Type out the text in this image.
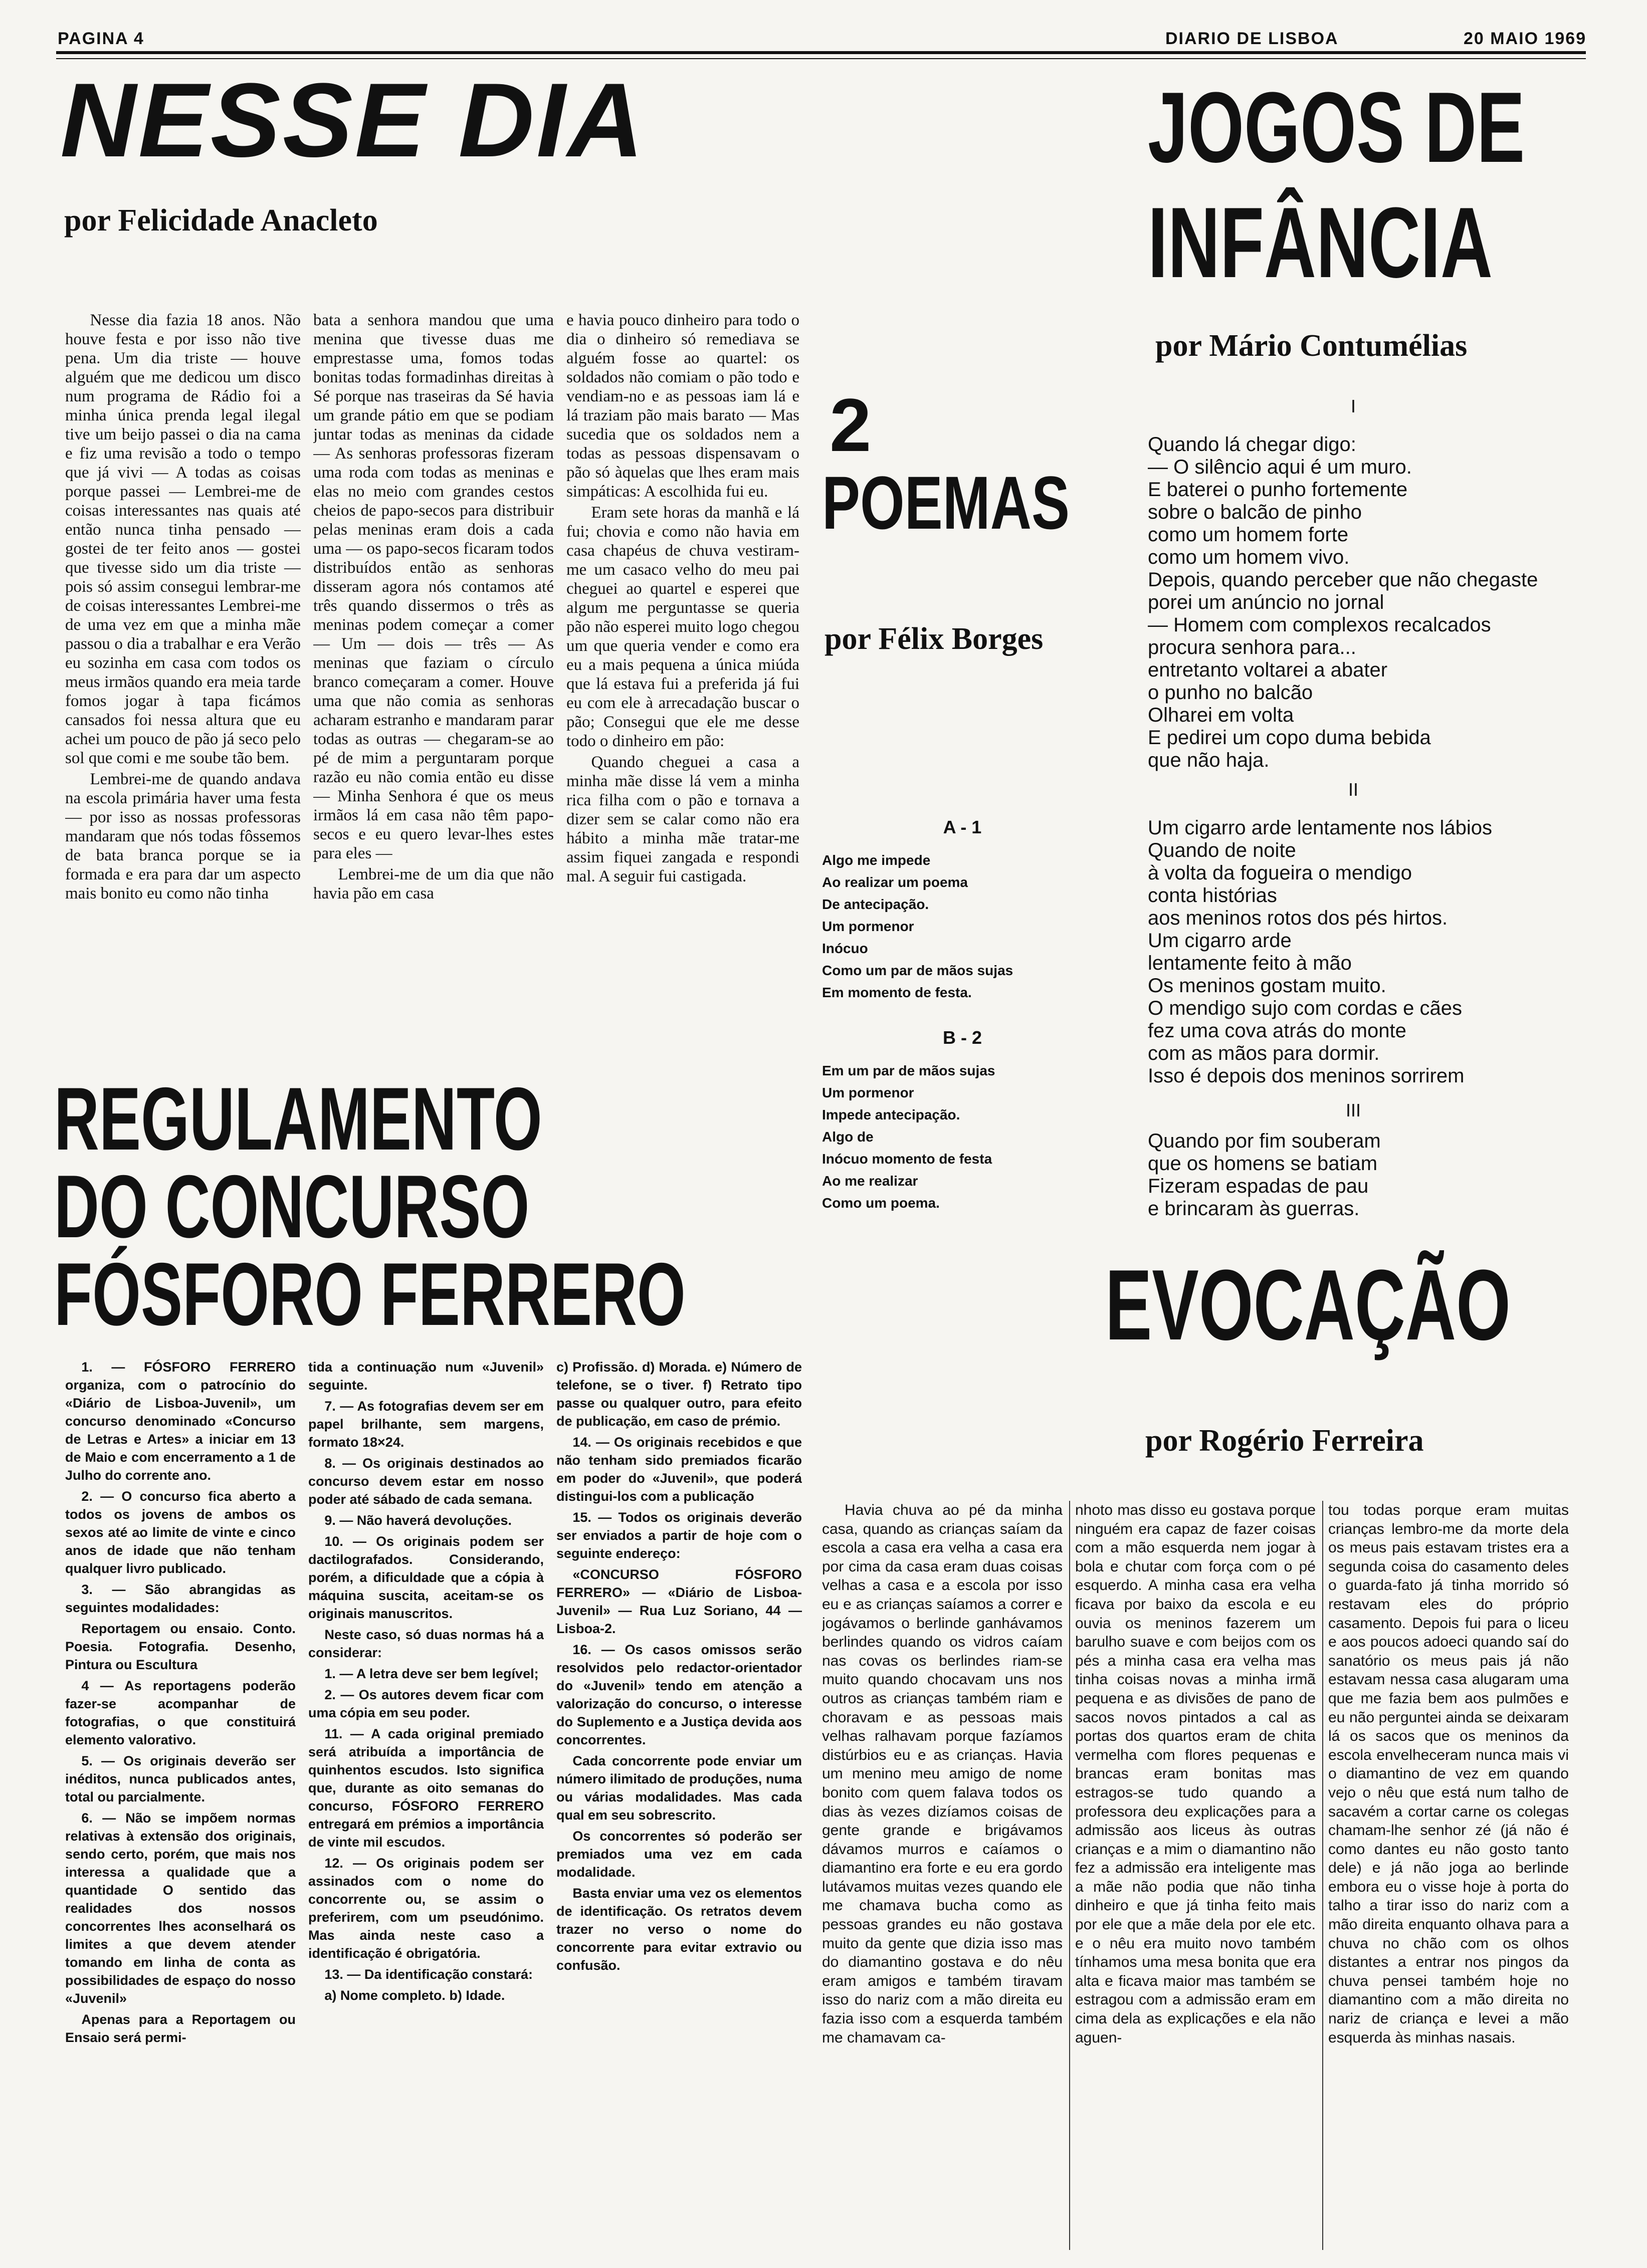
PAGINA 4	DIARIO DE LISBOA	20 MAIO 1969
NESSE DIA
por Felicidade Anacleto

Nesse dia fazia 18 anos. Não houve festa e por isso não tive pena. Um dia triste — houve alguém que me dedicou um disco num programa de Rádio foi a minha única prenda legal ilegal tive um beijo passei o dia na cama e fiz uma revisão a todo o tempo que já vivi — A todas as coisas porque passei — Lembrei-me de coisas interessantes nas quais até então nunca tinha pensado — gostei de ter feito anos — gostei que tivesse sido um dia triste — pois só assim consegui lembrar-me de coisas interessantes Lembrei-me de uma vez em que a minha mãe passou o dia a trabalhar e era Verão eu sozinha em casa com todos os meus irmãos quando era meia tarde fomos jogar à tapa ficámos cansados foi nessa altura que eu achei um pouco de pão já seco pelo sol que comi e me soube tão bem.

Lembrei-me de quando andava na escola primária haver uma festa — por isso as nossas professoras mandaram que nós todas fôssemos de bata branca porque se ia formada e era para dar um aspecto mais bonito eu como não tinha

bata a senhora mandou que uma menina que tivesse duas me emprestasse uma, fomos todas bonitas todas formadinhas direitas à Sé porque nas traseiras da Sé havia um grande pátio em que se podiam juntar todas as meninas da cidade — As senhoras professoras fizeram uma roda com todas as meninas e elas no meio com grandes cestos cheios de papo-secos para distribuir pelas meninas eram dois a cada uma — os papo-secos ficaram todos distribuídos então as senhoras disseram agora nós contamos até três quando dissermos o três as meninas podem começar a comer — Um — dois — três — As meninas que faziam o círculo branco começaram a comer. Houve uma que não comia as senhoras acharam estranho e mandaram parar todas as outras — chegaram-se ao pé de mim a perguntaram porque razão eu não comia então eu disse — Minha Senhora é que os meus irmãos lá em casa não têm papo-secos e eu quero levar-lhes estes para eles —

Lembrei-me de um dia que não havia pão em casa

e havia pouco dinheiro para todo o dia o dinheiro só remediava se alguém fosse ao quartel: os soldados não comiam o pão todo e vendiam-no e as pessoas iam lá e lá traziam pão mais barato — Mas sucedia que os soldados nem a todas as pessoas dispensavam o pão só àquelas que lhes eram mais simpáticas: A escolhida fui eu.

Eram sete horas da manhã e lá fui; chovia e como não havia em casa chapéus de chuva vestiram-me um casaco velho do meu pai cheguei ao quartel e esperei que algum me perguntasse se queria pão não esperei muito logo chegou um que queria vender e como era eu a mais pequena a única miúda que lá estava fui a preferida já fui eu com ele à arrecadação buscar o pão; Consegui que ele me desse todo o dinheiro em pão:

Quando cheguei a casa a minha mãe disse lá vem a minha rica filha com o pão e tornava a dizer sem se calar como não era hábito a minha mãe tratar-me assim fiquei zangada e respondi mal. A seguir fui castigada.

2
POEMAS
por Félix Borges
A - 1
Algo me impede
Ao realizar um poema
De antecipação.
Um pormenor
Inócuo
Como um par de mãos sujas
Em momento de festa.
B - 2
Em um par de mãos sujas
Um pormenor
Impede antecipação.
Algo de
Inócuo momento de festa
Ao me realizar
Como um poema.
JOGOS DE
INFÂNCIA
por Mário Contumélias
I
Quando lá chegar digo:
— O silêncio aqui é um muro.
E baterei o punho fortemente
sobre o balcão de pinho
como um homem forte
como um homem vivo.
Depois, quando perceber que não chegaste
porei um anúncio no jornal
— Homem com complexos recalcados
procura senhora para...
entretanto voltarei a abater
o punho no balcão
Olharei em volta
E pedirei um copo duma bebida
que não haja.
II
Um cigarro arde lentamente nos lábios
Quando de noite
à volta da fogueira o mendigo
conta histórias
aos meninos rotos dos pés hirtos.
Um cigarro arde
lentamente feito à mão
Os meninos gostam muito.
O mendigo sujo com cordas e cães
fez uma cova atrás do monte
com as mãos para dormir.
Isso é depois dos meninos sorrirem
III
Quando por fim souberam
que os homens se batiam
Fizeram espadas de pau
e brincaram às guerras.
REGULAMENTO
DO CONCURSO
FÓSFORO FERRERO

1. — FÓSFORO FERRERO organiza, com o patrocínio do «Diário de Lisboa-Juvenil», um concurso denominado «Concurso de Letras e Artes» a iniciar em 13 de Maio e com encerramento a 1 de Julho do corrente ano.

2. — O concurso fica aberto a todos os jovens de ambos os sexos até ao limite de vinte e cinco anos de idade que não tenham qualquer livro publicado.

3. — São abrangidas as seguintes modalidades:

Reportagem ou ensaio. Conto. Poesia. Fotografia. Desenho, Pintura ou Escultura

4 — As reportagens poderão fazer-se acompanhar de fotografias, o que constituirá elemento valorativo.

5. — Os originais deverão ser inéditos, nunca publicados antes, total ou parcialmente.

6. — Não se impõem normas relativas à extensão dos originais, sendo certo, porém, que mais nos interessa a qualidade que a quantidade O sentido das realidades dos nossos concorrentes lhes aconselhará os limites a que devem atender tomando em linha de conta as possibilidades de espaço do nosso «Juvenil»

Apenas para a Reportagem ou Ensaio será permi-

tida a continuação num «Juvenil» seguinte.

7. — As fotografias devem ser em papel brilhante, sem margens, formato 18×24.

8. — Os originais destinados ao concurso devem estar em nosso poder até sábado de cada semana.

9. — Não haverá devoluções.

10. — Os originais podem ser dactilografados. Considerando, porém, a dificuldade que a cópia à máquina suscita, aceitam-se os originais manuscritos.

Neste caso, só duas normas há a considerar:

1. — A letra deve ser bem legível;

2. — Os autores devem ficar com uma cópia em seu poder.

11. — A cada original premiado será atribuída a importância de quinhentos escudos. Isto significa que, durante as oito semanas do concurso, FÓSFORO FERRERO entregará em prémios a importância de vinte mil escudos.

12. — Os originais podem ser assinados com o nome do concorrente ou, se assim o preferirem, com um pseudónimo. Mas ainda neste caso a identificação é obrigatória.

13. — Da identificação constará:

a) Nome completo. b) Idade.

c) Profissão. d) Morada. e) Número de telefone, se o tiver. f) Retrato tipo passe ou qualquer outro, para efeito de publicação, em caso de prémio.

14. — Os originais recebidos e que não tenham sido premiados ficarão em poder do «Juvenil», que poderá distingui-los com a publicação

15. — Todos os originais deverão ser enviados a partir de hoje com o seguinte endereço:

«CONCURSO FÓSFORO FERRERO» — «Diário de Lisboa-Juvenil» — Rua Luz Soriano, 44 — Lisboa-2.

16. — Os casos omissos serão resolvidos pelo redactor-orientador do «Juvenil» tendo em atenção a valorização do concurso, o interesse do Suplemento e a Justiça devida aos concorrentes.

Cada concorrente pode enviar um número ilimitado de produções, numa ou várias modalidades. Mas cada qual em seu sobrescrito.

Os concorrentes só poderão ser premiados uma vez em cada modalidade.

Basta enviar uma vez os elementos de identificação. Os retratos devem trazer no verso o nome do concorrente para evitar extravio ou confusão.

EVOCAÇÃO
por Rogério Ferreira

Havia chuva ao pé da minha casa, quando as crianças saíam da escola a casa era velha a casa era por cima da casa eram duas coisas velhas a casa e a escola por isso eu e as crianças saíamos a correr e jogávamos o berlinde ganhávamos berlindes quando os vidros caíam nas covas os berlindes riam-se muito quando chocavam uns nos outros as crianças também riam e choravam e as pessoas mais velhas ralhavam porque fazíamos distúrbios eu e as crianças. Havia um menino meu amigo de nome bonito com quem falava todos os dias às vezes dizíamos coisas de gente grande e brigávamos dávamos murros e caíamos o diamantino era forte e eu era gordo lutávamos muitas vezes quando ele me chamava bucha como as pessoas grandes eu não gostava muito da gente que dizia isso mas do diamantino gostava e do nêu eram amigos e também tiravam isso do nariz com a mão direita eu fazia isso com a esquerda também me chamavam ca-

nhoto mas disso eu gostava porque ninguém era capaz de fazer coisas com a mão esquerda nem jogar à bola e chutar com força com o pé esquerdo. A minha casa era velha ficava por baixo da escola e eu ouvia os meninos fazerem um barulho suave e com beijos com os pés a minha casa era velha mas tinha coisas novas a minha irmã pequena e as divisões de pano de sacos novos pintados a cal as portas dos quartos eram de chita vermelha com flores pequenas e brancas eram bonitas mas estragos-se tudo quando a professora deu explicações para a admissão aos liceus às outras crianças e a mim o diamantino não fez a admissão era inteligente mas a mãe não podia que não tinha dinheiro e que já tinha feito mais por ele que a mãe dela por ele etc. e o nêu era muito novo também tínhamos uma mesa bonita que era alta e ficava maior mas também se estragou com a admissão eram em cima dela as explicações e ela não aguen-

tou todas porque eram muitas crianças lembro-me da morte dela os meus pais estavam tristes era a segunda coisa do casamento deles o guarda-fato já tinha morrido só restavam eles do próprio casamento. Depois fui para o liceu e aos poucos adoeci quando saí do sanatório os meus pais já não estavam nessa casa alugaram uma que me fazia bem aos pulmões e eu não perguntei ainda se deixaram lá os sacos que os meninos da escola envelheceram nunca mais vi o diamantino de vez em quando vejo o nêu que está num talho de sacavém a cortar carne os colegas chamam-lhe senhor zé (já não é como dantes eu não gosto tanto dele) e já não joga ao berlinde embora eu o visse hoje à porta do talho a tirar isso do nariz com a mão direita enquanto olhava para a chuva no chão com os olhos distantes a entrar nos pingos da chuva pensei também hoje no diamantino com a mão direita no nariz de criança e levei a mão esquerda às minhas nasais.
